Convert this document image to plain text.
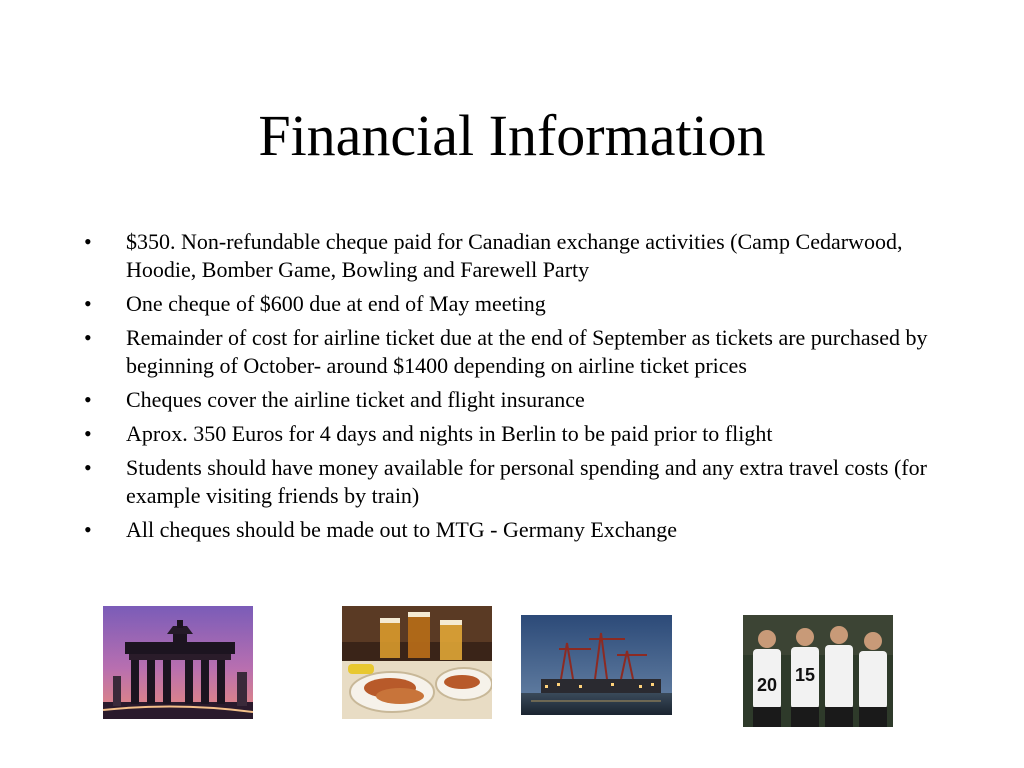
Financial Information
• $350. Non-refundable cheque paid for Canadian exchange activities (Camp Cedarwood, Hoodie, Bomber Game, Bowling and Farewell Party
• One cheque of $600 due at end of May meeting
• Remainder of cost for airline ticket due at the end of September as tickets are purchased by beginning of October- around $1400 depending on airline ticket prices
• Cheques cover the airline ticket and flight insurance
• Aprox. 350 Euros for 4 days and nights in Berlin to be paid prior to flight
• Students should have money available for personal spending and any extra travel costs (for example visiting friends by train)
• All cheques should be made out to MTG - Germany Exchange
20 15
